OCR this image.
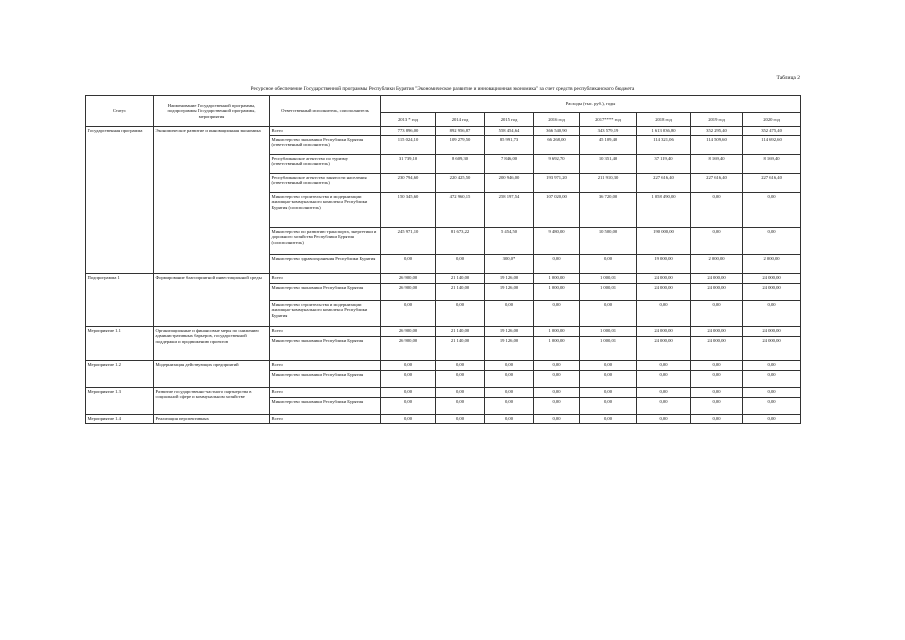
Таблица 2
Ресурсное обеспечение Государственной программы Республики Бурятия "Экономическое развитие и инновационная экономика" за счет средств республиканского бюджета
Статус	Наименование Государственной программы, подпрограммы Государственной программы, мероприятия	Ответственный исполнитель, соисполнитель	Расходы (тыс. руб.), годы							
			2013 * год	2014 год	2015 год	2016 год	2017**** год	2018 год	2019 год	2020 год
Государственная программа	Экономическое развитие и инновационная экономика	Всего	773 896,00	892 956,87	558 454,64	366 540,90	343 579,19	1 613 036,80	352 295,40	352 475,40
		Министерство экономики Республики Бурятия (ответственный исполнитель)	115 024,10	109 279,50	85 991,73	66 268,00	45 109,40	114 321,06	114 509,60	114 692,60
		Республиканское агентство по туризму (ответственный исполнитель)	31 739,10	8 609,30	7 846,00	9 692,70	10 351,40	37 119,40	8 169,40	8 169,40
		Республиканское агентство занятости населения (ответственный исполнитель)	230 794,60	220 425,50	200 946,00	193 971,20	211 910,30	227 616,40	227 616,40	227 616,40
		Министерство строительства и модернизации жилищно-коммунального комплекса Республики Бурятия (соисполнитель)	150 345,60	472 960,15	258 197,54	107 020,00	36 720,00	1 058 490,00	0,00	0,00
		Министерство по развитию транспорта, энергетики и дорожного хозяйства Республики Бурятия (соисполнитель)	245 971,10	81 673,22	5 454,50	9 480,00	10 500,00	190 000,00	0,00	0,00
		Министерство здравоохранения Республики Бурятия	0,00	0,00	300,0*	0,00	0,00	19 000,00	2 000,00	2 000,00
Подпрограмма 1	Формирование благоприятной инвестиционной среды	Всего	26 900,00	21 140,00	19 126,00	1 000,00	1 000,01	24 000,00	24 000,00	24 000,00
		Министерство экономики Республики Бурятия	26 900,00	21 140,00	19 126,00	1 000,00	1 000,01	24 000,00	24 000,00	24 000,00
		Министерство строительства и модернизации жилищно-коммунального комплекса Республики Бурятия	0,00	0,00	0,00	0,00	0,00	0,00	0,00	0,00
Мероприятие 1.1	Организационные и финансовые меры по снижению административных барьеров, государственной поддержки и продвижению проектов	Всего	26 900,00	21 140,00	19 126,00	1 000,00	1 000,01	24 000,00	24 000,00	24 000,00
		Министерство экономики Республики Бурятия	26 900,00	21 140,00	19 126,00	1 000,00	1 000,01	24 000,00	24 000,00	24 000,00
Мероприятие 1.2	Модернизация действующих предприятий	Всего	0,00	0,00	0,00	0,00	0,00	0,00	0,00	0,00
		Министерство экономики Республики Бурятия	0,00	0,00	0,00	0,00	0,00	0,00	0,00	0,00
Мероприятие 1.3	Развитие государственно-частного партнерства в социальной сфере и коммунальном хозяйстве	Всего	0,00	0,00	0,00	0,00	0,00	0,00	0,00	0,00
		Министерство экономики Республики Бурятия	0,00	0,00	0,00	0,00	0,00	0,00	0,00	0,00
Мероприятие 1.4	Реализация перспективных	Всего	0,00	0,00	0,00	0,00	0,00	0,00	0,00	0,00
